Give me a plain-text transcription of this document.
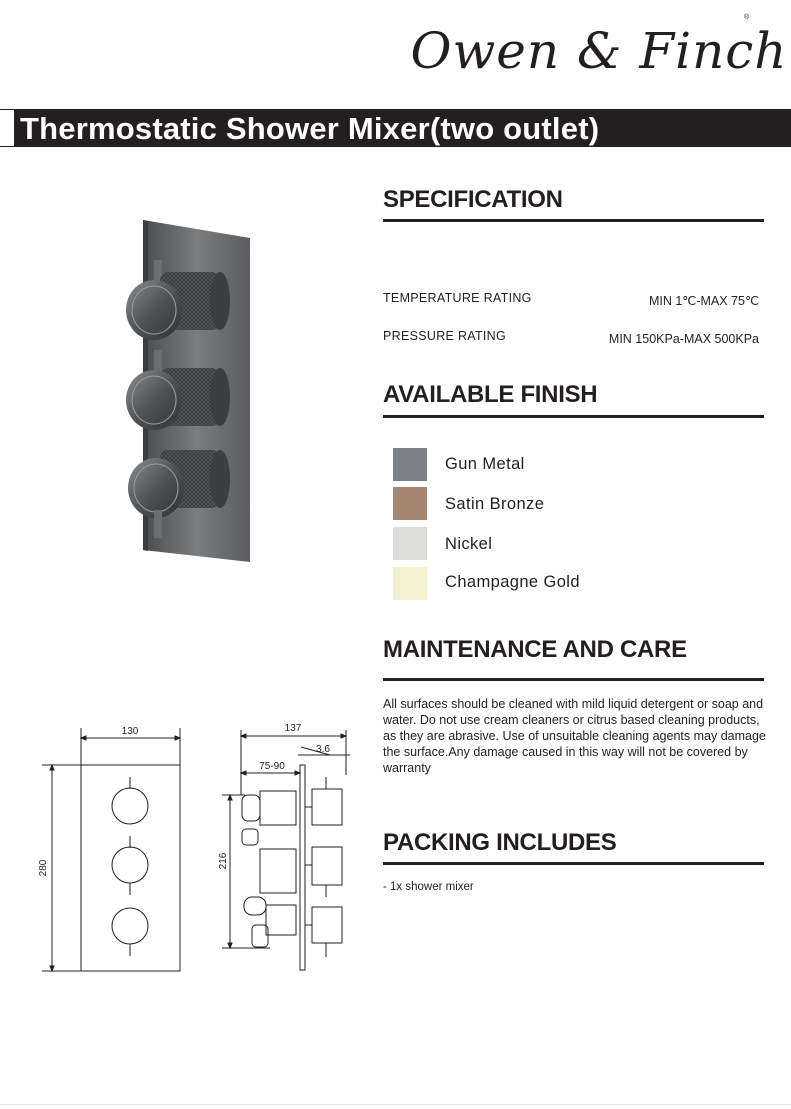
Owen & Finch
®
Thermostatic Shower Mixer(two outlet)
SPECIFICATION
TEMPERATURE RATING	MIN 1℃-MAX 75℃
PRESSURE RATING	MIN 150KPa-MAX 500KPa
AVAILABLE FINISH
Gun Metal
Satin Bronze
Nickel
Champagne Gold
MAINTENANCE AND CARE

All surfaces should be cleaned with mild liquid detergent or soap and water. Do not use cream cleaners or citrus based cleaning products, as they are abrasive. Use of unsuitable cleaning agents may damage the surface.Any damage caused in this way will not be covered by warranty

PACKING INCLUDES
- 1x shower mixer
130
280
137
3.6
75-90
216
